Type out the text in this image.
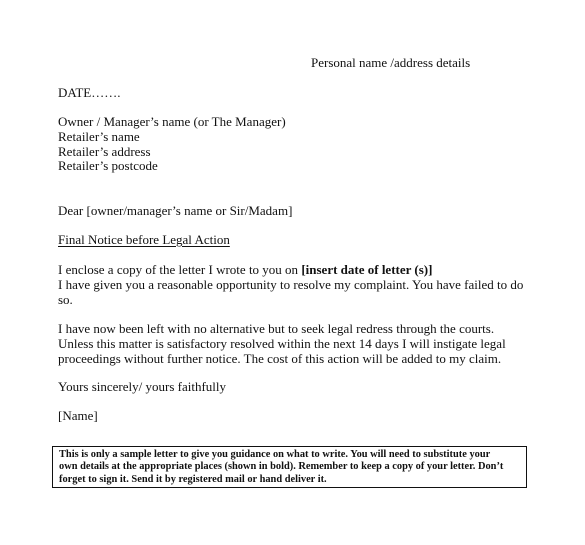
Personal name /address details
DATE…….
Owner / Manager’s name (or The Manager)
Retailer’s name
Retailer’s address
Retailer’s postcode
Dear [owner/manager’s name or Sir/Madam]
Final Notice before Legal Action
I enclose a copy of the letter I wrote to you on [insert date of letter (s)]
I have given you a reasonable opportunity to resolve my complaint. You have failed to do
so.
I have now been left with no alternative but to seek legal redress through the courts.
Unless this matter is satisfactory resolved within the next 14 days I will instigate legal
proceedings without further notice. The cost of this action will be added to my claim.
Yours sincerely/ yours faithfully
[Name]
This is only a sample letter to give you guidance on what to write. You will need to substitute your
own details at the appropriate places (shown in bold). Remember to keep a copy of your letter. Don’t
forget to sign it. Send it by registered mail or hand deliver it.
